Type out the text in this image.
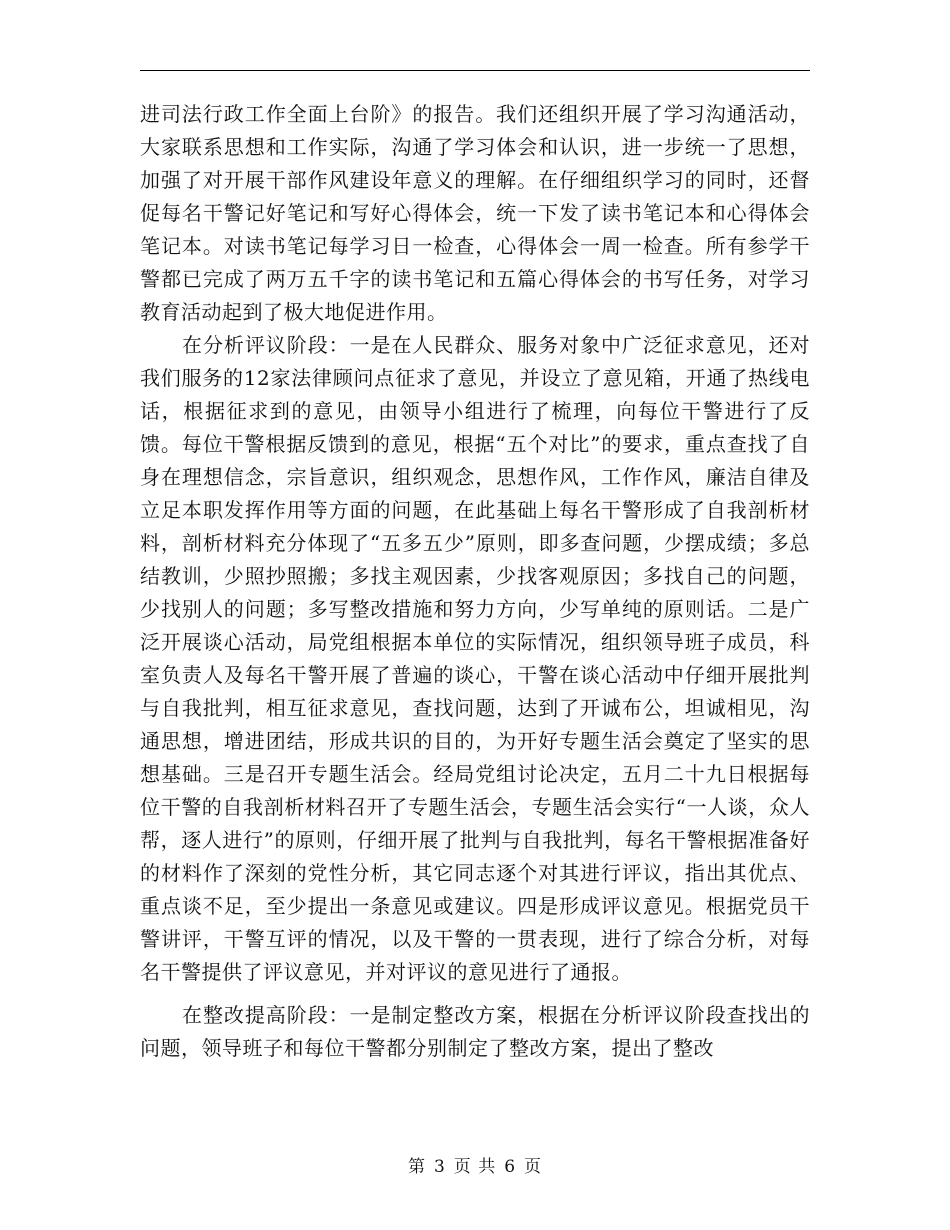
进司法行政工作全面上台阶》的报告。我们还组织开展了学习沟通活动，大家联系思想和工作实际，沟通了学习体会和认识，进一步统一了思想，加强了对开展干部作风建设年意义的理解。在仔细组织学习的同时，还督促每名干警记好笔记和写好心得体会，统一下发了读书笔记本和心得体会笔记本。对读书笔记每学习日一检查，心得体会一周一检查。所有参学干警都已完成了两万五千字的读书笔记和五篇心得体会的书写任务，对学习教育活动起到了极大地促进作用。

在分析评议阶段：一是在人民群众、服务对象中广泛征求意见，还对我们服务的12家法律顾问点征求了意见，并设立了意见箱，开通了热线电话，根据征求到的意见，由领导小组进行了梳理，向每位干警进行了反馈。每位干警根据反馈到的意见，根据“五个对比”的要求，重点查找了自身在理想信念，宗旨意识，组织观念，思想作风，工作作风，廉洁自律及立足本职发挥作用等方面的问题，在此基础上每名干警形成了自我剖析材料，剖析材料充分体现了“五多五少”原则，即多查问题，少摆成绩；多总结教训，少照抄照搬；多找主观因素，少找客观原因；多找自己的问题，少找别人的问题；多写整改措施和努力方向，少写单纯的原则话。二是广泛开展谈心活动，局党组根据本单位的实际情况，组织领导班子成员，科室负责人及每名干警开展了普遍的谈心，干警在谈心活动中仔细开展批判与自我批判，相互征求意见，查找问题，达到了开诚布公，坦诚相见，沟通思想，增进团结，形成共识的目的，为开好专题生活会奠定了坚实的思想基础。三是召开专题生活会。经局党组讨论决定，五月二十九日根据每位干警的自我剖析材料召开了专题生活会，专题生活会实行“一人谈，众人帮，逐人进行”的原则，仔细开展了批判与自我批判，每名干警根据准备好的材料作了深刻的党性分析，其它同志逐个对其进行评议，指出其优点、重点谈不足，至少提出一条意见或建议。四是形成评议意见。根据党员干警讲评，干警互评的情况，以及干警的一贯表现，进行了综合分析，对每名干警提供了评议意见，并对评议的意见进行了通报。

在整改提高阶段：一是制定整改方案，根据在分析评议阶段查找出的问题，领导班子和每位干警都分别制定了整改方案，提出了整改

第 3 页 共 6 页
